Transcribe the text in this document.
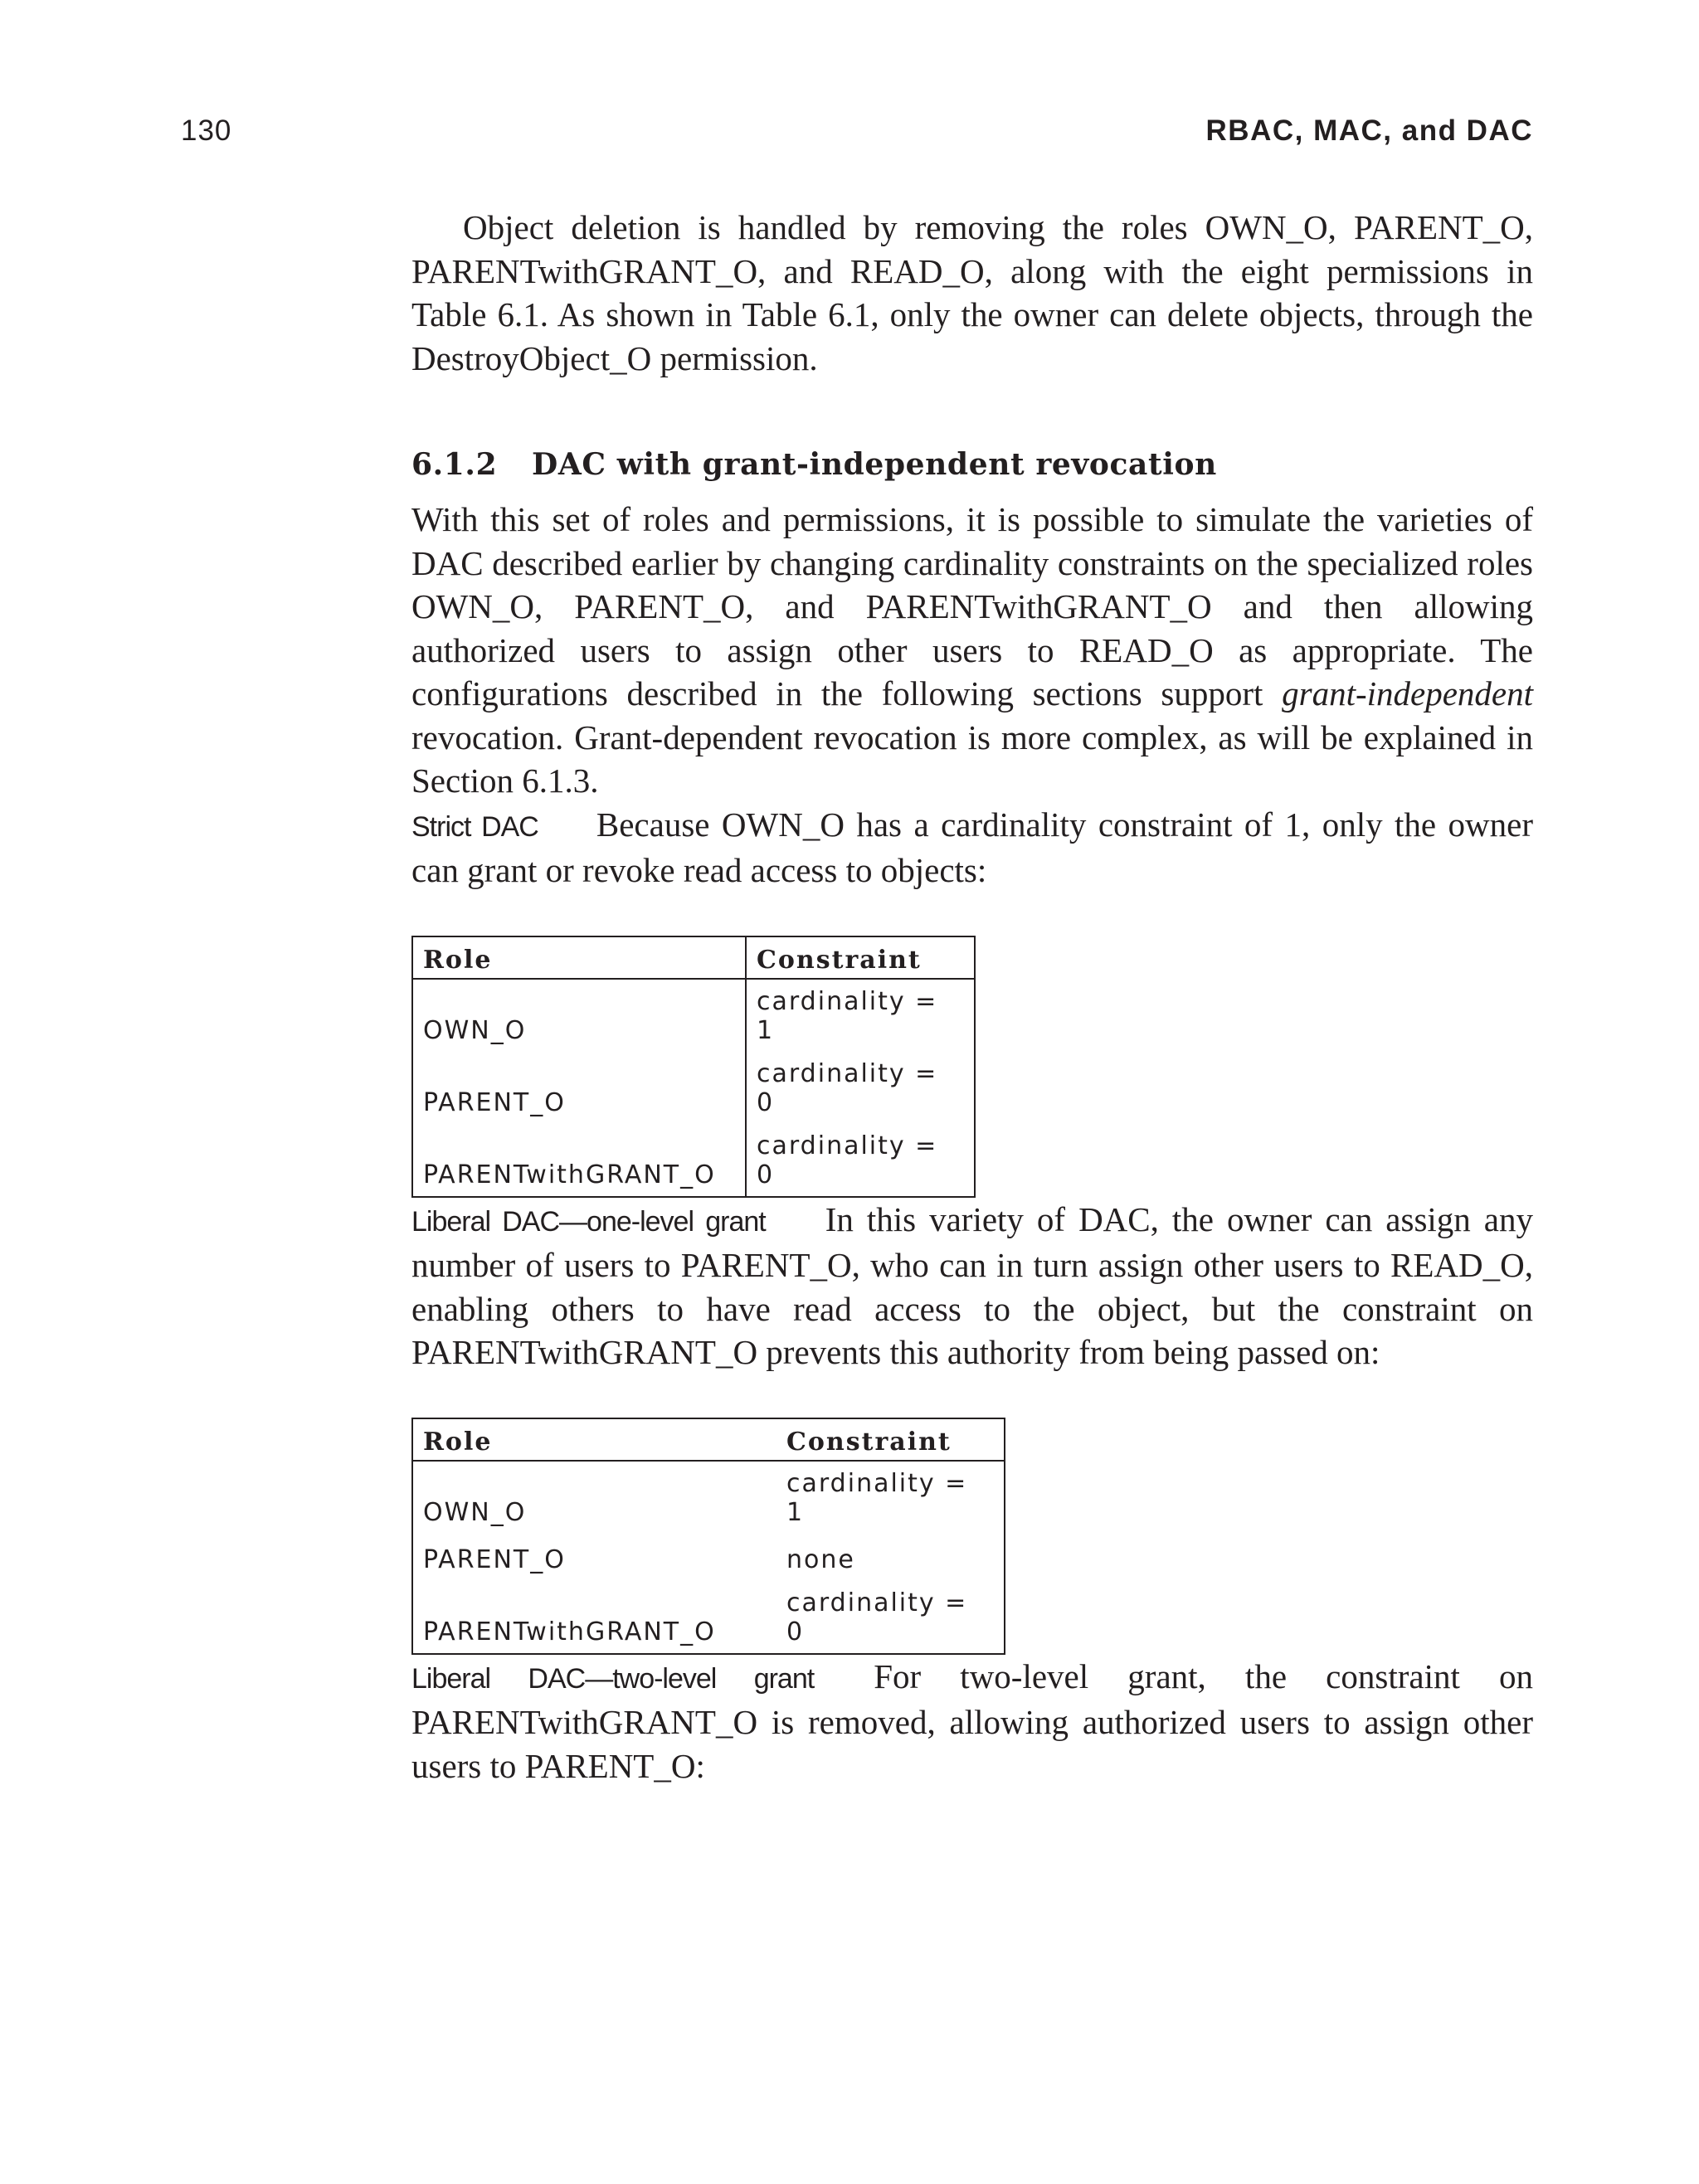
130	RBAC, MAC, and DAC

Object deletion is handled by removing the roles OWN_O, PARENT_O, PARENTwithGRANT_O, and READ_O, along with the eight permissions in Table 6.1. As shown in Table 6.1, only the owner can delete objects, through the DestroyObject_O permission.

6.1.2 DAC with grant-independent revocation

With this set of roles and permissions, it is possible to simulate the varieties of DAC described earlier by changing cardinality constraints on the specialized roles OWN_O, PARENT_O, and PARENTwithGRANT_O and then allowing authorized users to assign other users to READ_O as appropriate. The configurations described in the following sections support grant-independent revocation. Grant-dependent revocation is more complex, as will be explained in Section 6.1.3.

Strict DAC Because OWN_O has a cardinality constraint of 1, only the owner can grant or revoke read access to objects:

Role	Constraint
OWN_O	cardinality = 1
PARENT_O	cardinality = 0
PARENTwithGRANT_O	cardinality = 0

Liberal DAC—one-level grant In this variety of DAC, the owner can assign any number of users to PARENT_O, who can in turn assign other users to READ_O, enabling others to have read access to the object, but the constraint on PARENTwithGRANT_O prevents this authority from being passed on:

Role	Constraint
OWN_O	cardinality = 1
PARENT_O	none
PARENTwithGRANT_O	cardinality = 0

Liberal DAC—two-level grant For two-level grant, the constraint on PARENTwithGRANT_O is removed, allowing authorized users to assign other users to PARENT_O:
